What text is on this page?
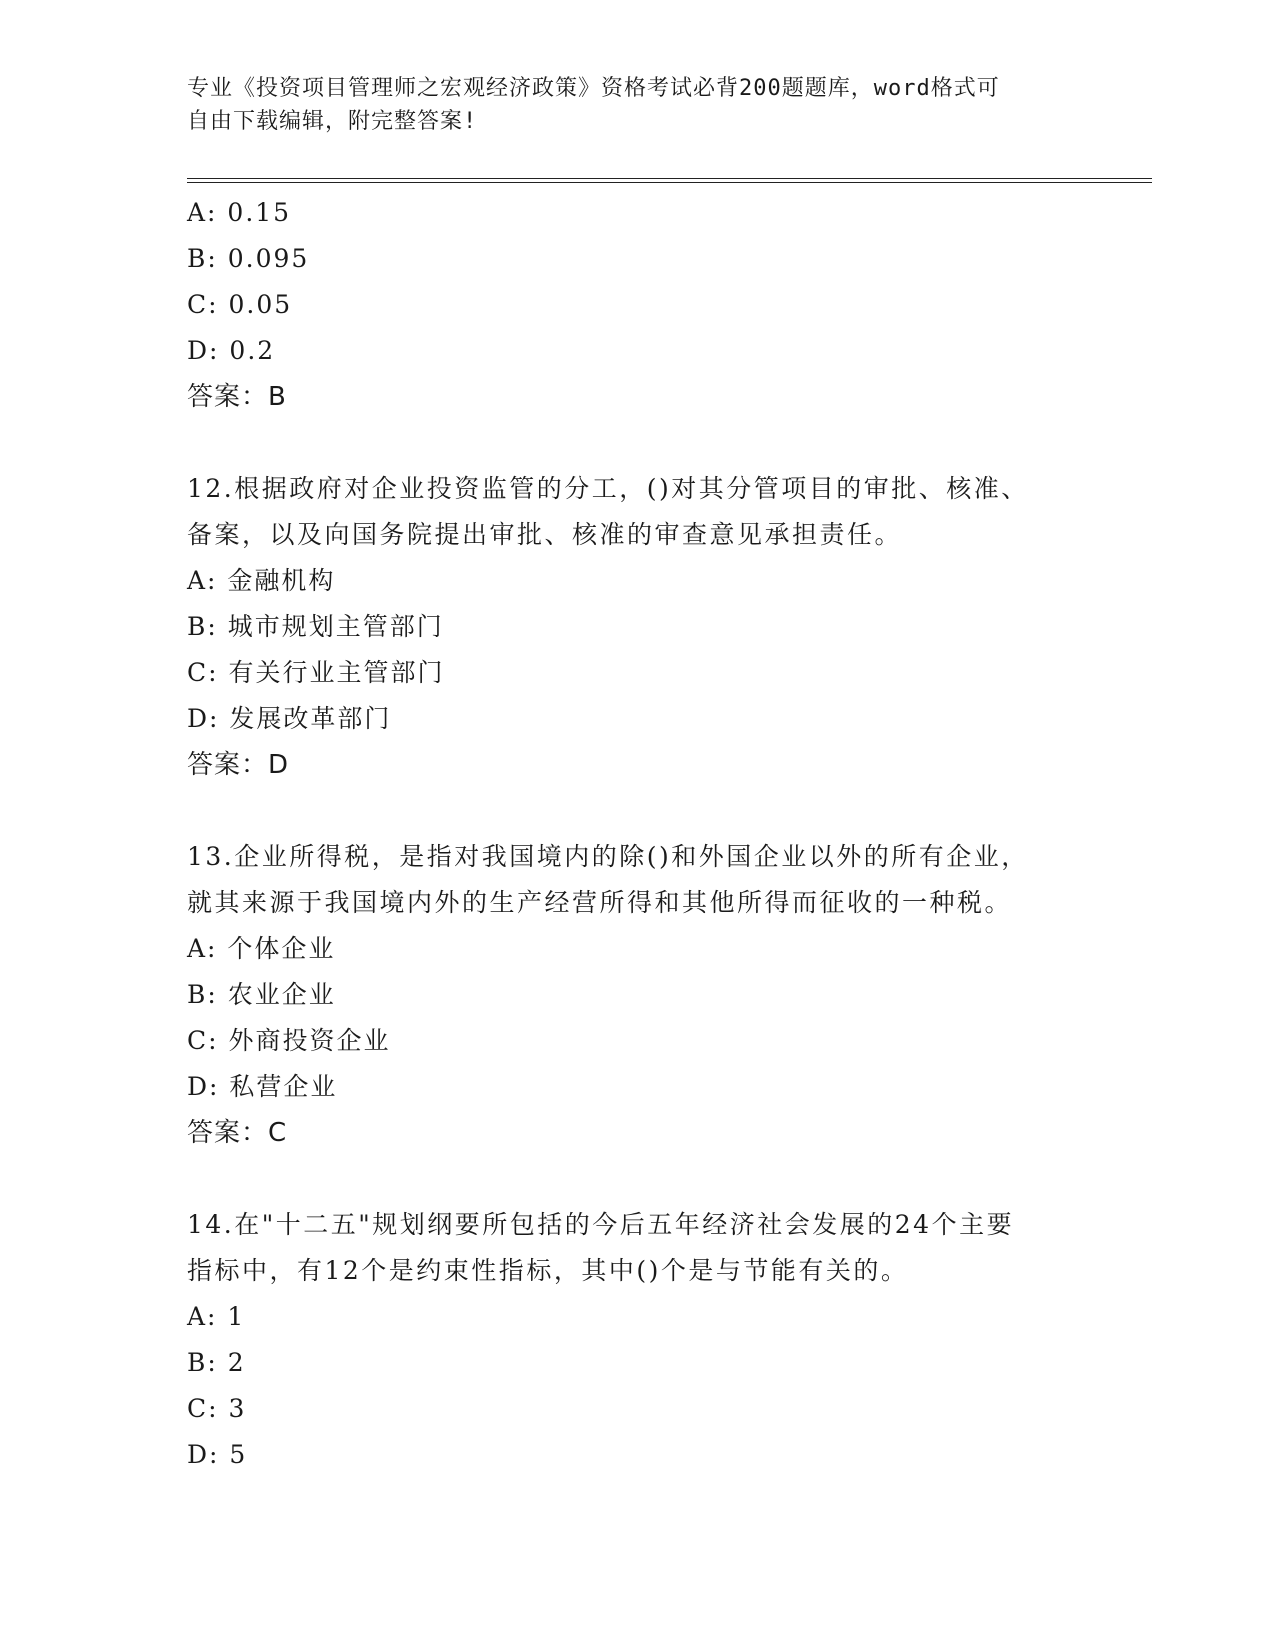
专业《投资项目管理师之宏观经济政策》资格考试必背200题题库，word格式可
自由下载编辑，附完整答案!
A: 0.15
B: 0.095
C: 0.05
D: 0.2
答案：B
12.根据政府对企业投资监管的分工，()对其分管项目的审批、核准、
备案，以及向国务院提出审批、核准的审查意见承担责任。
A: 金融机构
B: 城市规划主管部门
C: 有关行业主管部门
D: 发展改革部门
答案：D
13.企业所得税，是指对我国境内的除()和外国企业以外的所有企业，
就其来源于我国境内外的生产经营所得和其他所得而征收的一种税。
A: 个体企业
B: 农业企业
C: 外商投资企业
D: 私营企业
答案：C
14.在"十二五"规划纲要所包括的今后五年经济社会发展的24个主要
指标中，有12个是约束性指标，其中()个是与节能有关的。
A: 1
B: 2
C: 3
D: 5
